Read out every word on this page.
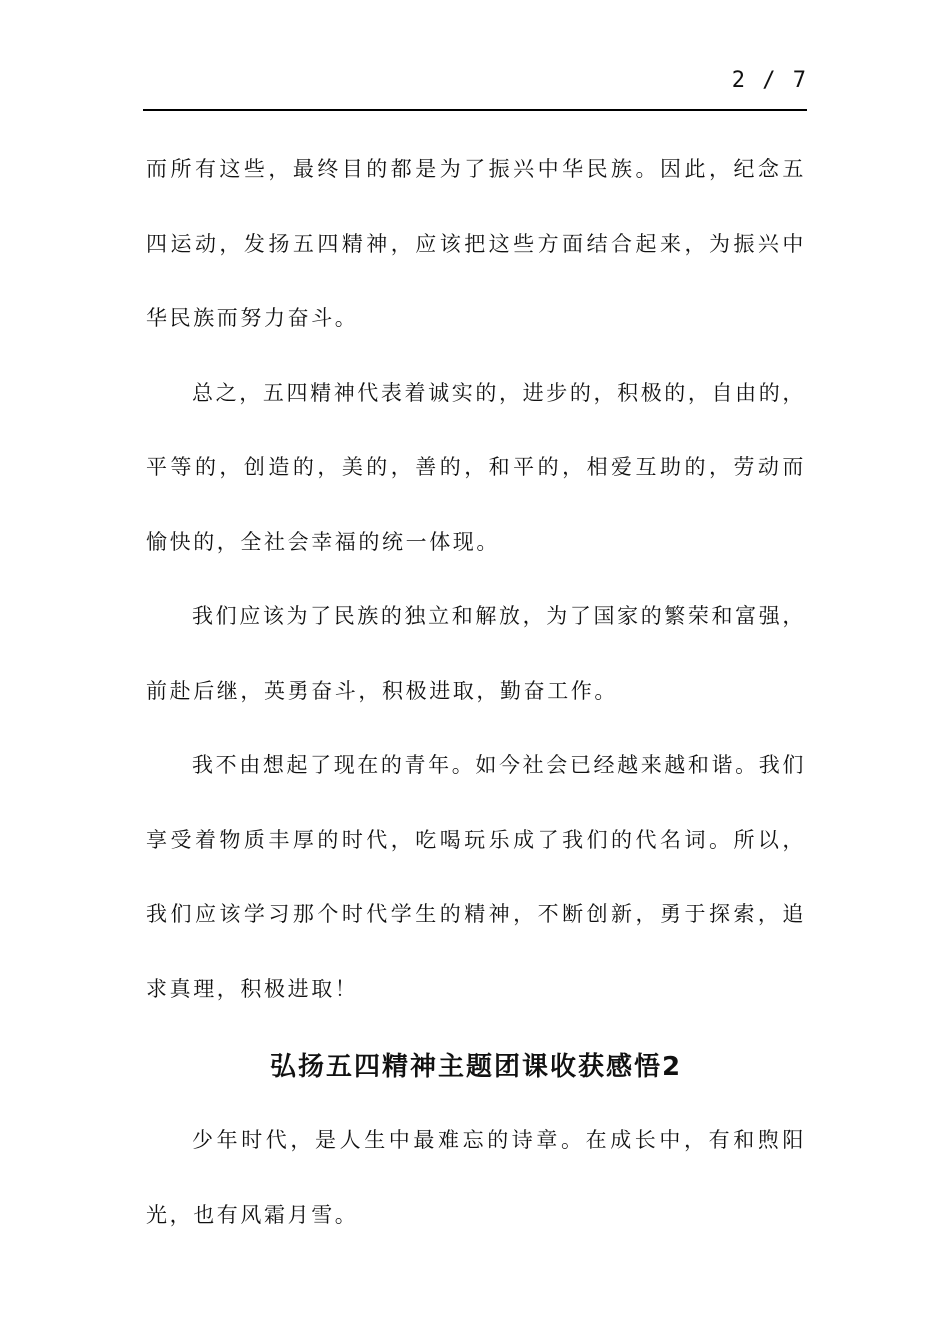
2 / 7

而所有这些，最终目的都是为了振兴中华民族。因此，纪念五四运动，发扬五四精神，应该把这些方面结合起来，为振兴中华民族而努力奋斗。

总之，五四精神代表着诚实的，进步的，积极的，自由的，平等的，创造的，美的，善的，和平的，相爱互助的，劳动而愉快的，全社会幸福的统一体现。

我们应该为了民族的独立和解放，为了国家的繁荣和富强，前赴后继，英勇奋斗，积极进取，勤奋工作。

我不由想起了现在的青年。如今社会已经越来越和谐。我们享受着物质丰厚的时代，吃喝玩乐成了我们的代名词。所以，我们应该学习那个时代学生的精神，不断创新，勇于探索，追求真理，积极进取！

弘扬五四精神主题团课收获感悟2

少年时代，是人生中最难忘的诗章。在成长中，有和煦阳光，也有风霜月雪。
